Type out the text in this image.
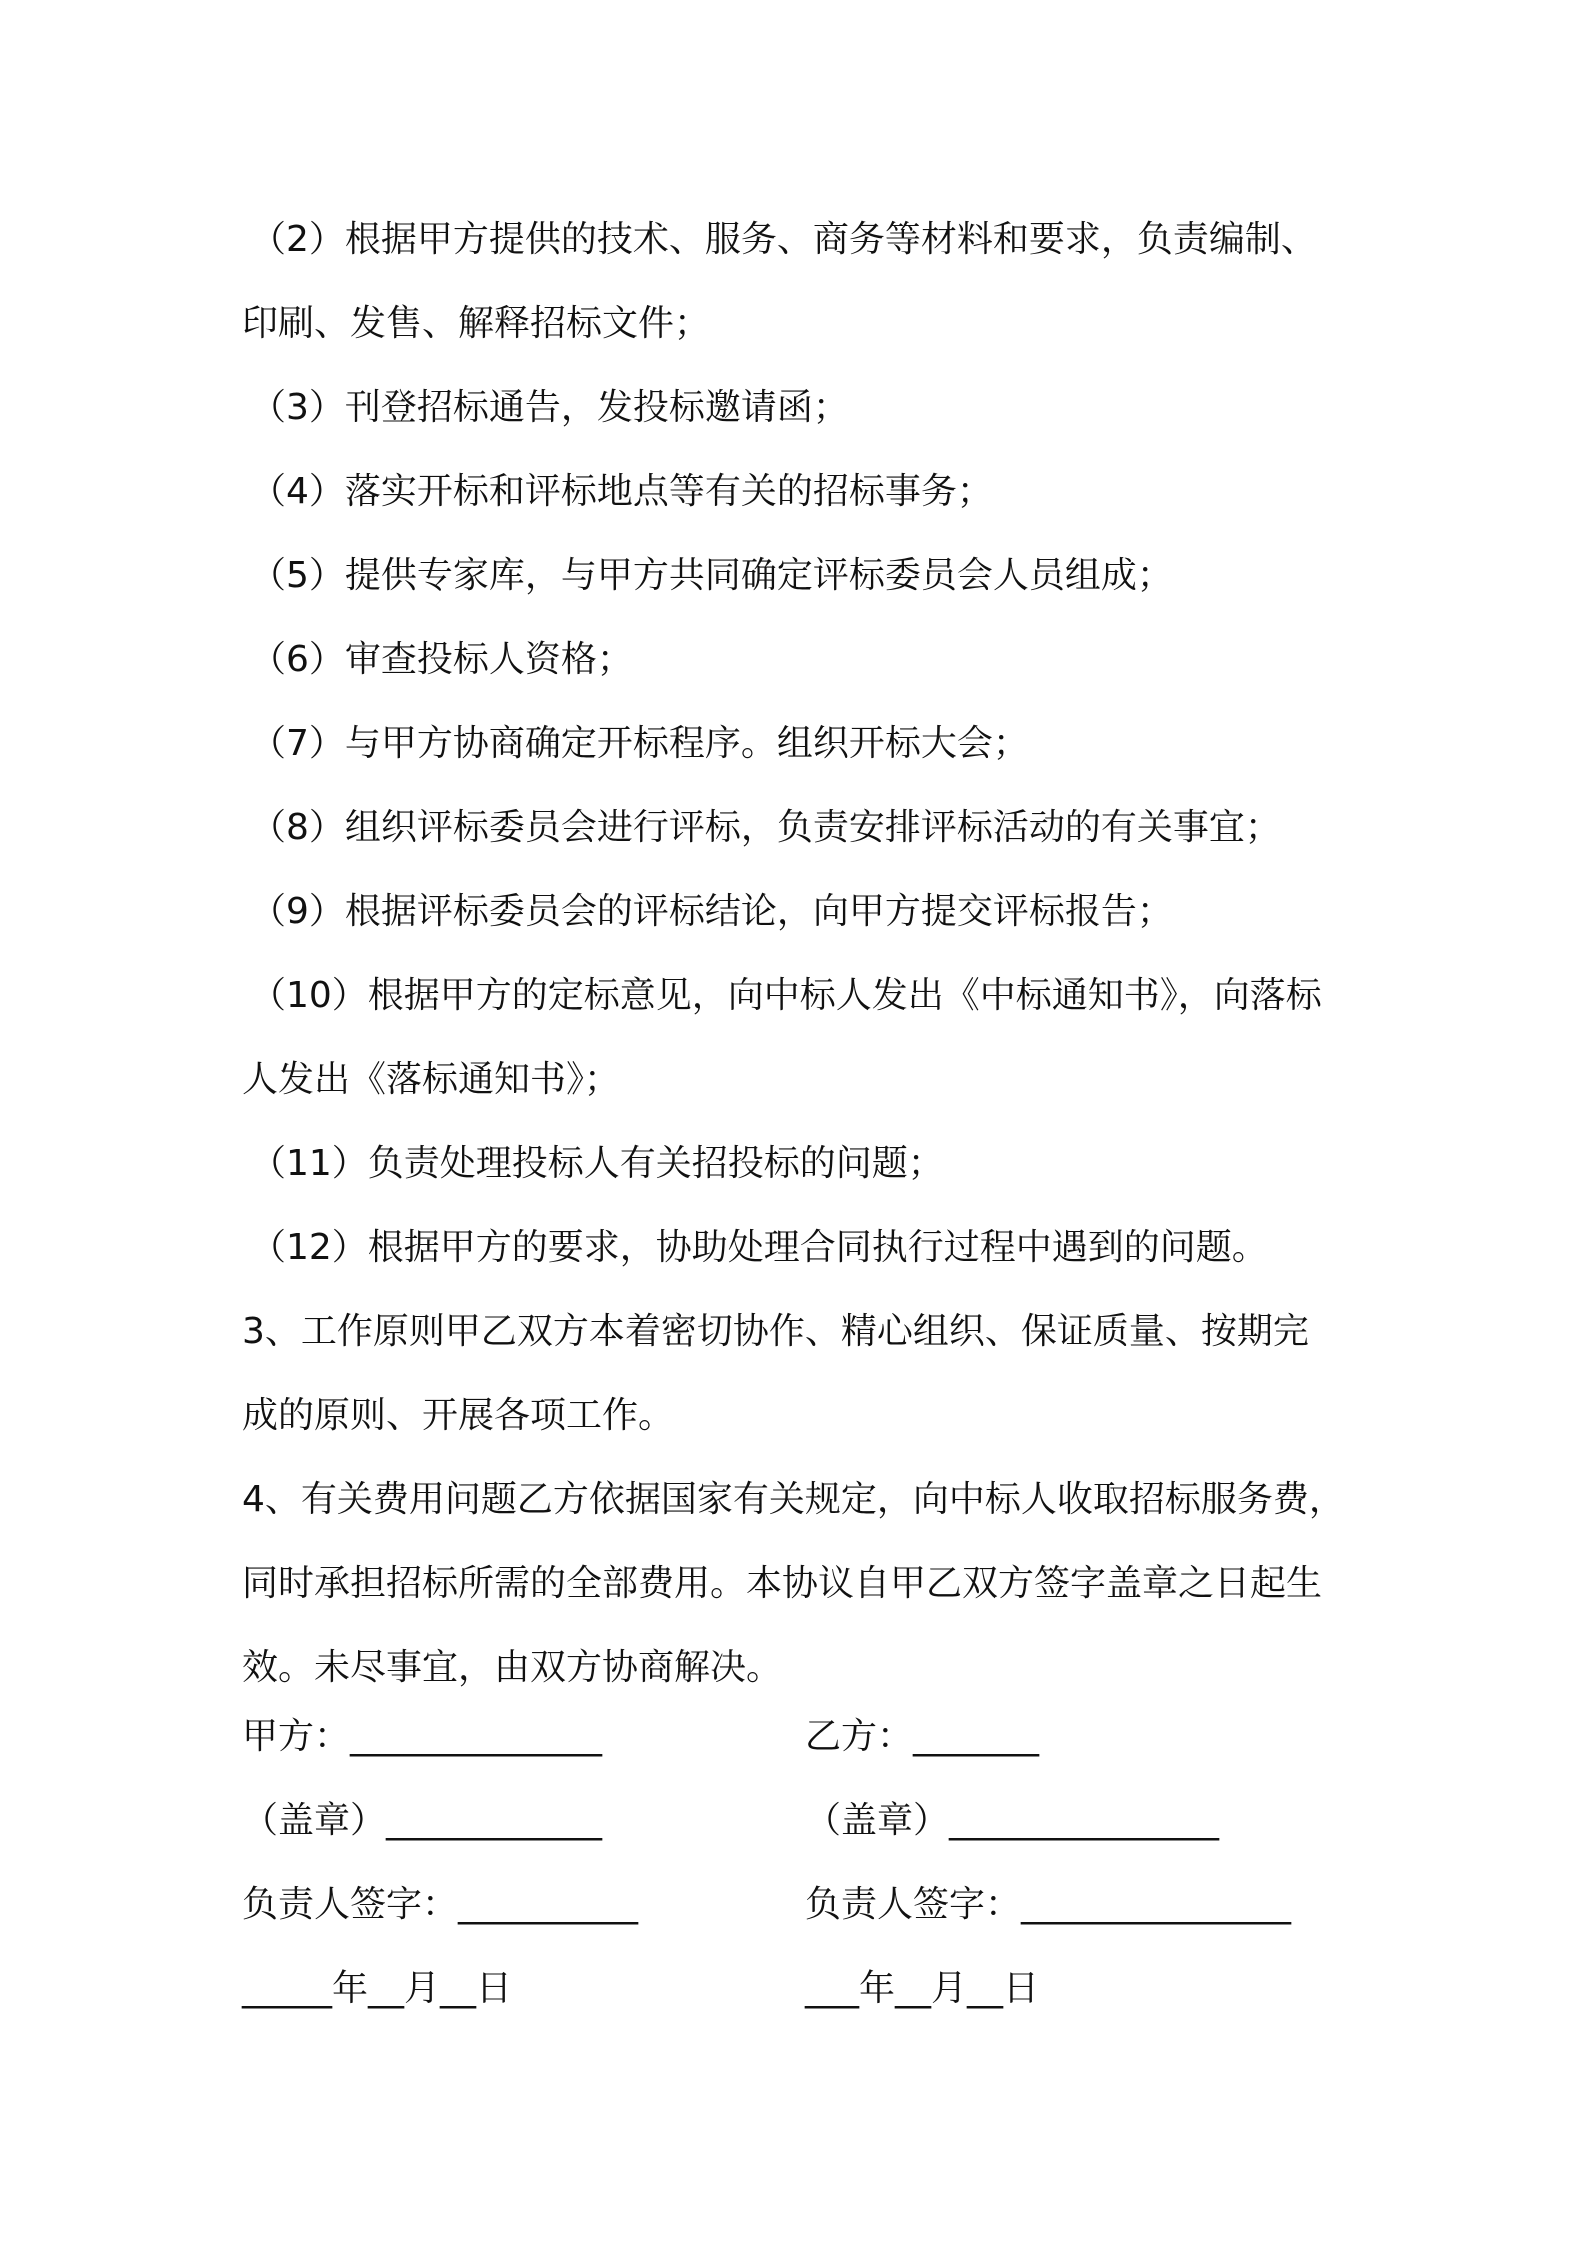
（2）根据甲方提供的技术、服务、商务等材料和要求，负责编制、
印刷、发售、解释招标文件；
（3）刊登招标通告，发投标邀请函；
（4）落实开标和评标地点等有关的招标事务；
（5）提供专家库，与甲方共同确定评标委员会人员组成；
（6）审查投标人资格；
（7）与甲方协商确定开标程序。组织开标大会；
（8）组织评标委员会进行评标，负责安排评标活动的有关事宜；
（9）根据评标委员会的评标结论，向甲方提交评标报告；
（10）根据甲方的定标意见，向中标人发出《中标通知书》，向落标
人发出《落标通知书》；
（11）负责处理投标人有关招投标的问题；
（12）根据甲方的要求，协助处理合同执行过程中遇到的问题。
3、工作原则甲乙双方本着密切协作、精心组织、保证质量、按期完
成的原则、开展各项工作。
4、有关费用问题乙方依据国家有关规定，向中标人收取招标服务费，
同时承担招标所需的全部费用。本协议自甲乙双方签字盖章之日起生
效。未尽事宜，由双方协商解决。
甲方：______________	乙方：_______
（盖章）____________	（盖章）_______________
负责人签字：__________	负责人签字：_______________
_____年__月__日	___年__月__日
